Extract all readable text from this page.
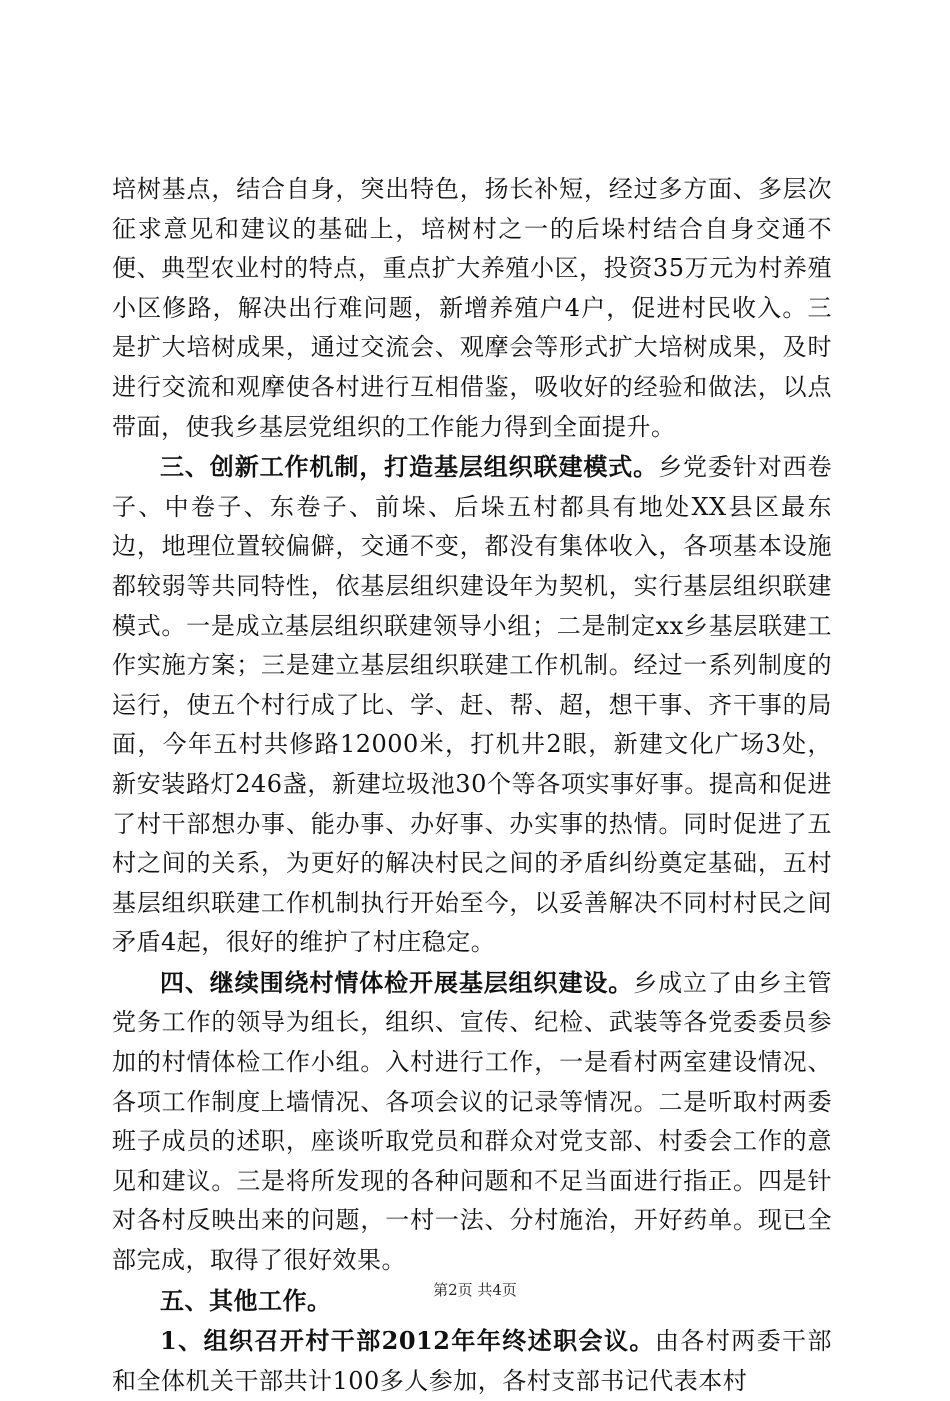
培树基点，结合自身，突出特色，扬长补短，经过多方面、多层次征求意见和建议的基础上，培树村之一的后垛村结合自身交通不便、典型农业村的特点，重点扩大养殖小区，投资35万元为村养殖小区修路，解决出行难问题，新增养殖户4户，促进村民收入。三是扩大培树成果，通过交流会、观摩会等形式扩大培树成果，及时进行交流和观摩使各村进行互相借鉴，吸收好的经验和做法，以点带面，使我乡基层党组织的工作能力得到全面提升。

三、创新工作机制，打造基层组织联建模式。乡党委针对西卷子、中卷子、东卷子、前垛、后垛五村都具有地处XX县区最东边，地理位置较偏僻，交通不变，都没有集体收入，各项基本设施都较弱等共同特性，依基层组织建设年为契机，实行基层组织联建模式。一是成立基层组织联建领导小组；二是制定xx乡基层联建工作实施方案；三是建立基层组织联建工作机制。经过一系列制度的运行，使五个村行成了比、学、赶、帮、超，想干事、齐干事的局面，今年五村共修路12000米，打机井2眼，新建文化广场3处，新安装路灯246盏，新建垃圾池30个等各项实事好事。提高和促进了村干部想办事、能办事、办好事、办实事的热情。同时促进了五村之间的关系，为更好的解决村民之间的矛盾纠纷奠定基础，五村基层组织联建工作机制执行开始至今，以妥善解决不同村村民之间矛盾4起，很好的维护了村庄稳定。

四、继续围绕村情体检开展基层组织建设。乡成立了由乡主管党务工作的领导为组长，组织、宣传、纪检、武装等各党委委员参加的村情体检工作小组。入村进行工作，一是看村两室建设情况、各项工作制度上墙情况、各项会议的记录等情况。二是听取村两委班子成员的述职，座谈听取党员和群众对党支部、村委会工作的意见和建议。三是将所发现的各种问题和不足当面进行指正。四是针对各村反映出来的问题，一村一法、分村施治，开好药单。现已全部完成，取得了很好效果。

五、其他工作。

1、组织召开村干部2012年年终述职会议。由各村两委干部和全体机关干部共计100多人参加，各村支部书记代表本村

第2页 共4页
